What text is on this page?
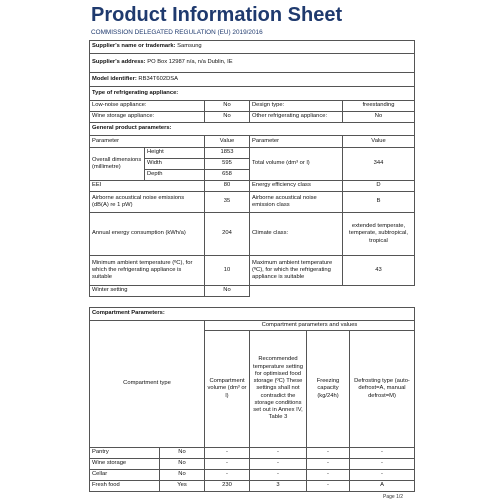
Product Information Sheet
COMMISSION DELEGATED REGULATION (EU) 2019/2016
Supplier's name or trademark: Samsung			
Supplier's address: PO Box 12987 n/a, n/a Dublin, IE			
Model identifier: RB34T602DSA			
Type of refrigerating appliance:			
Low-noise appliance:	No	Design type:	freestanding
Wine storage appliance:	No	Other refrigerating appliance:	No
General product parameters:			
Parameter		Value	Parameter	Value
Overall dimensions (millimetre)	Height	1853	Total volume (dm³ or l)	344
	Width	595		
	Depth	658		
EEI		80	Energy efficiency class	D
Airborne acoustical noise emissions (dB(A) re 1 pW)		35	Airborne acoustical noise emission class	B
Annual energy consumption (kWh/a)		204	Climate class:	extended temperate, temperate, subtropical, tropical
Minimum ambient temperature (ºC), for which the refrigerating appliance is suitable		10	Maximum ambient temperature (ºC), for which the refrigerating appliance is suitable	43
Winter setting		No		
Compartment Parameters:					
Compartment type		Compartment parameters and values			
		Compartment volume (dm³ or l)	Recommended temperature setting for optimised food storage (ºC) These settings shall not contradict the storage conditions set out in Annex IV, Table 3	Freezing capacity (kg/24h)	Defrosting type (auto-defrost=A, manual defrost=M)
Pantry	No	-	-	-	-
Wine storage	No	-	-	-	-
Cellar	No	-	-	-	-
Fresh food	Yes	230	3	-	A
Page 1/2
